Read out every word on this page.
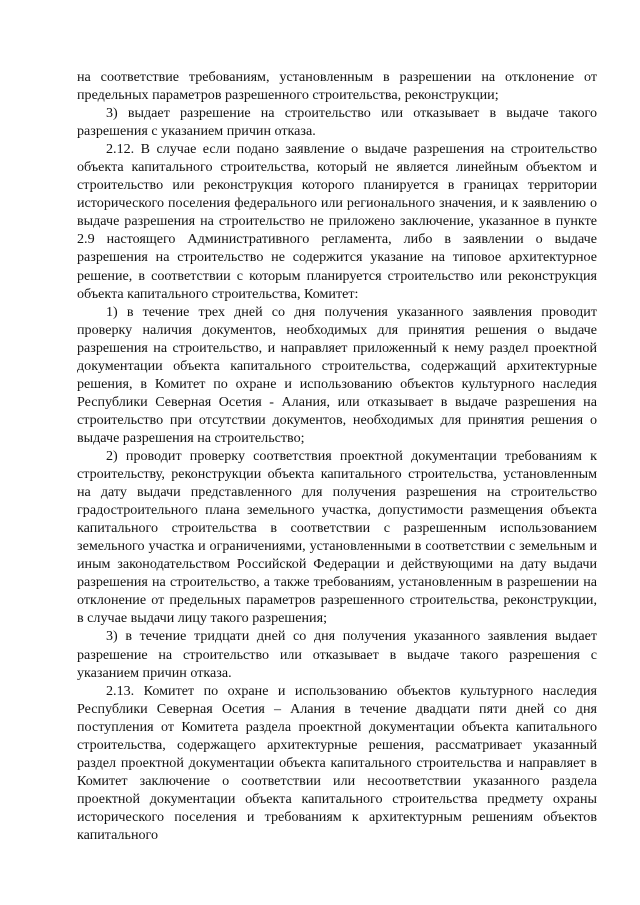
на соответствие требованиям, установленным в разрешении на отклонение от предельных параметров разрешенного строительства, реконструкции;

3) выдает разрешение на строительство или отказывает в выдаче такого разрешения с указанием причин отказа.

2.12. В случае если подано заявление о выдаче разрешения на строительство объекта капитального строительства, который не является линейным объектом и строительство или реконструкция которого планируется в границах территории исторического поселения федерального или регионального значения, и к заявлению о выдаче разрешения на строительство не приложено заключение, указанное в пункте 2.9 настоящего Административного регламента, либо в заявлении о выдаче разрешения на строительство не содержится указание на типовое архитектурное решение, в соответствии с которым планируется строительство или реконструкция объекта капитального строительства, Комитет:

1) в течение трех дней со дня получения указанного заявления проводит проверку наличия документов, необходимых для принятия решения о выдаче разрешения на строительство, и направляет приложенный к нему раздел проектной документации объекта капитального строительства, содержащий архитектурные решения, в Комитет по охране и использованию объектов культурного наследия Республики Северная Осетия - Алания, или отказывает в выдаче разрешения на строительство при отсутствии документов, необходимых для принятия решения о выдаче разрешения на строительство;

2) проводит проверку соответствия проектной документации требованиям к строительству, реконструкции объекта капитального строительства, установленным на дату выдачи представленного для получения разрешения на строительство градостроительного плана земельного участка, допустимости размещения объекта капитального строительства в соответствии с разрешенным использованием земельного участка и ограничениями, установленными в соответствии с земельным и иным законодательством Российской Федерации и действующими на дату выдачи разрешения на строительство, а также требованиям, установленным в разрешении на отклонение от предельных параметров разрешенного строительства, реконструкции, в случае выдачи лицу такого разрешения;

3) в течение тридцати дней со дня получения указанного заявления выдает разрешение на строительство или отказывает в выдаче такого разрешения с указанием причин отказа.

2.13. Комитет по охране и использованию объектов культурного наследия Республики Северная Осетия – Алания в течение двадцати пяти дней со дня поступления от Комитета раздела проектной документации объекта капитального строительства, содержащего архитектурные решения, рассматривает указанный раздел проектной документации объекта капитального строительства и направляет в Комитет заключение о соответствии или несоответствии указанного раздела проектной документации объекта капитального строительства предмету охраны исторического поселения и требованиям к архитектурным решениям объектов капитального
